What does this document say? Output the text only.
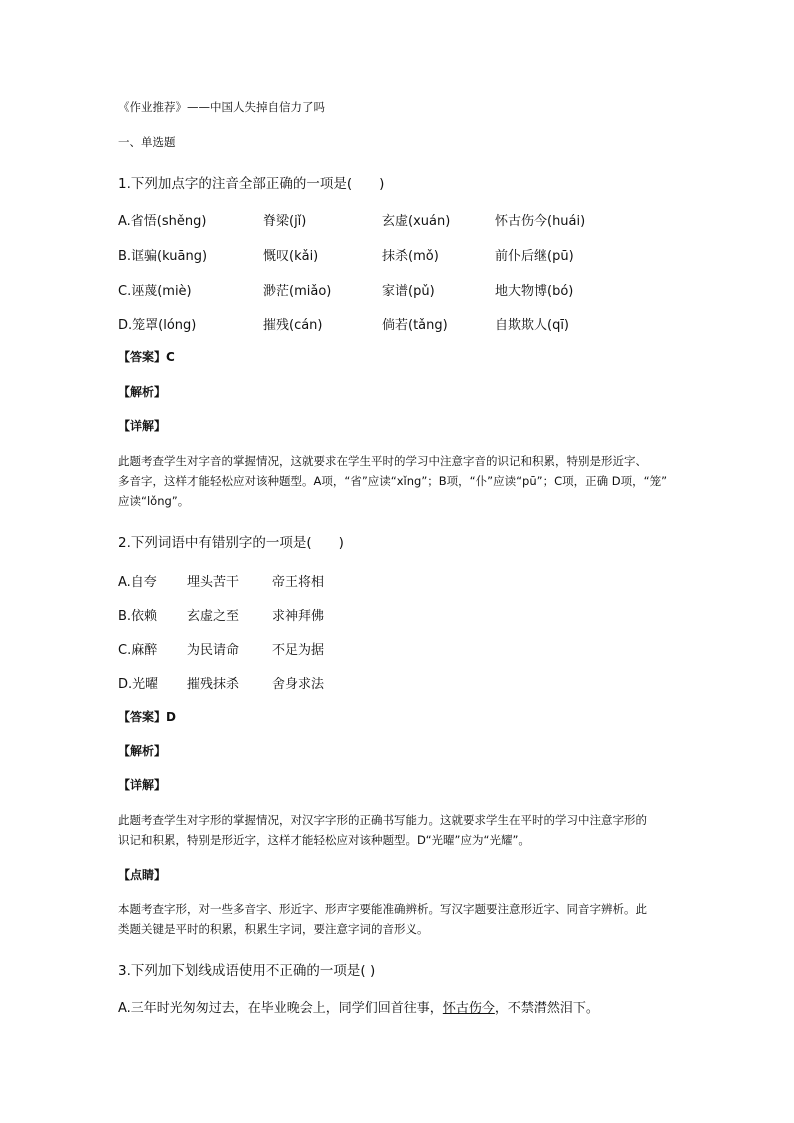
《作业推荐》——中国人失掉自信力了吗
一、单选题
1.下列加点字的注音全部正确的一项是(　　)
A.省悟(shěng)	脊梁(jǐ)	玄虚(xuán)	怀古伤今(huái)
B.诓骗(kuāng)	慨叹(kǎi)	抹杀(mǒ)	前仆后继(pū)
C.诬蔑(miè)	渺茫(miǎo)	家谱(pǔ)	地大物博(bó)
D.笼罩(lóng)	摧残(cán)	倘若(tǎng)	自欺欺人(qī)
【答案】C
【解析】
【详解】
此题考查学生对字音的掌握情况，这就要求在学生平时的学习中注意字音的识记和积累，特别是形近字、
多音字，这样才能轻松应对该种题型。A项，“省”应读“xǐng”；B项，“仆”应读“pū”；C项，正确 D项，“笼”
应读“lǒng”。
2.下列词语中有错别字的一项是(　　)
A.自夸 埋头苦干	帝王将相
B.依赖 玄虚之至	求神拜佛
C.麻醉 为民请命	不足为据
D.光曜 摧残抹杀	舍身求法
【答案】D
【解析】
【详解】
此题考查学生对字形的掌握情况，对汉字字形的正确书写能力。这就要求学生在平时的学习中注意字形的
识记和积累，特别是形近字，这样才能轻松应对该种题型。D“光曜”应为“光耀”。
【点睛】
本题考查字形，对一些多音字、形近字、形声字要能准确辨析。写汉字题要注意形近字、同音字辨析。此
类题关键是平时的积累，积累生字词，要注意字词的音形义。
3.下列加下划线成语使用不正确的一项是( )
A.三年时光匆匆过去，在毕业晚会上，同学们回首往事，怀古伤今，不禁潸然泪下。
